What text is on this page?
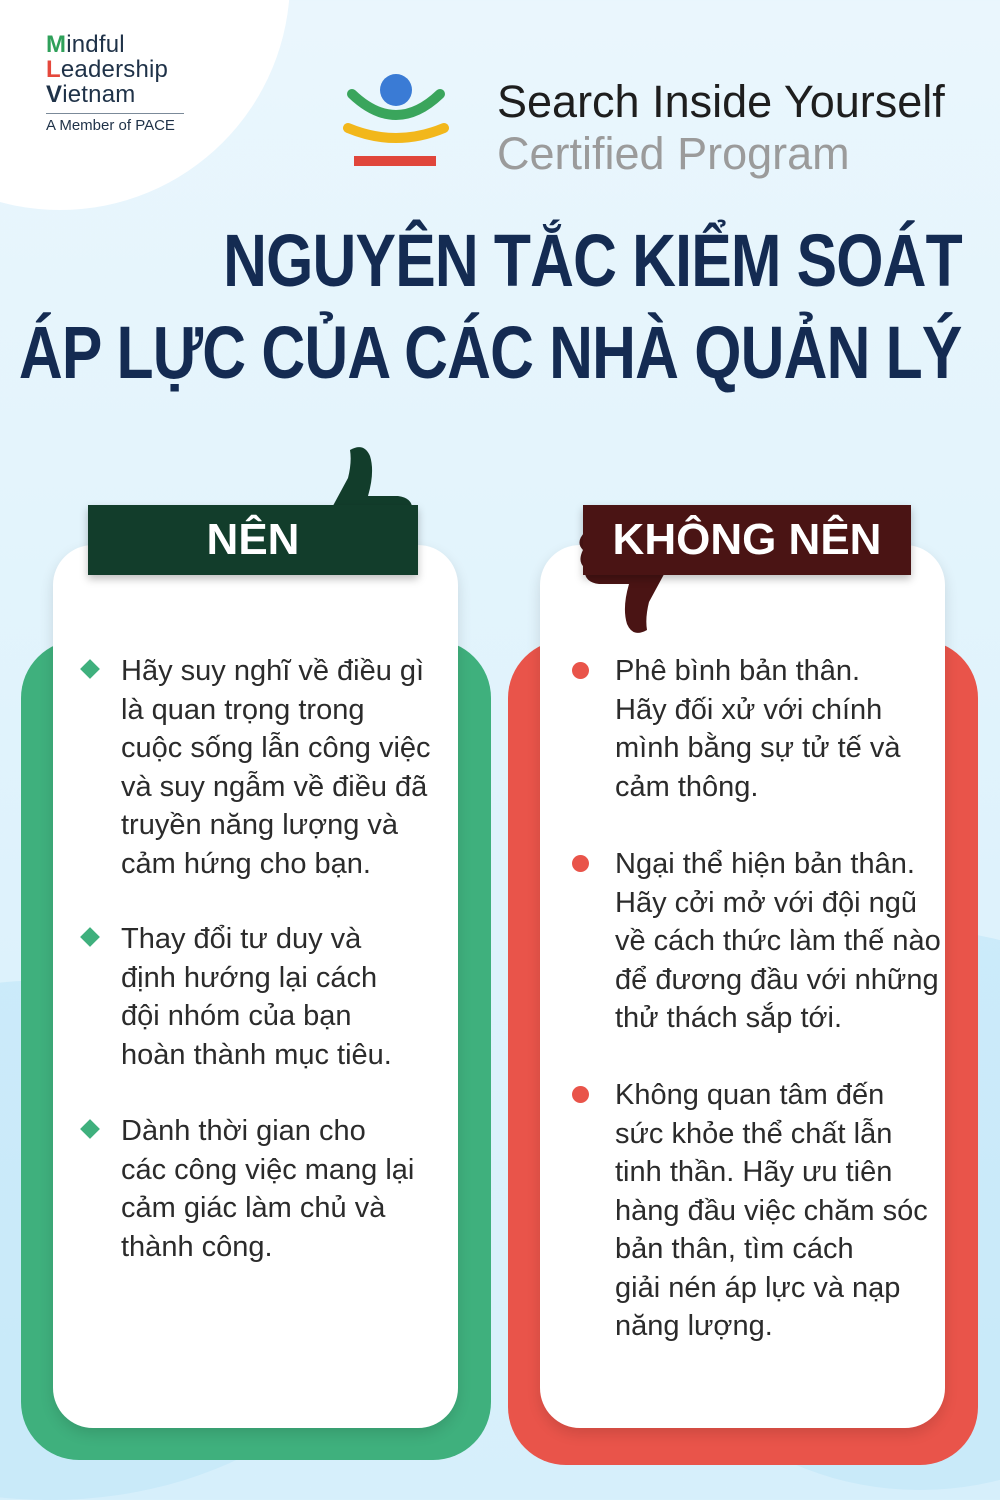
Mindful
Leadership
Vietnam
A Member of PACE	Search Inside Yourself
Certified Program
NGUYÊN TẮC KIỂM SOÁT
ÁP LỰC CỦA CÁC NHÀ QUẢN LÝ
NÊN
Hãy suy nghĩ về điều gì
là quan trọng trong
cuộc sống lẫn công việc
và suy ngẫm về điều đã
truyền năng lượng và
cảm hứng cho bạn.
Thay đổi tư duy và
định hướng lại cách
đội nhóm của bạn
hoàn thành mục tiêu.
Dành thời gian cho
các công việc mang lại
cảm giác làm chủ và
thành công.
KHÔNG NÊN
Phê bình bản thân.
Hãy đối xử với chính
mình bằng sự tử tế và
cảm thông.
Ngại thể hiện bản thân.
Hãy cởi mở với đội ngũ
về cách thức làm thế nào
để đương đầu với những
thử thách sắp tới.
Không quan tâm đến
sức khỏe thể chất lẫn
tinh thần. Hãy ưu tiên
hàng đầu việc chăm sóc
bản thân, tìm cách
giải nén áp lực và nạp
năng lượng.
